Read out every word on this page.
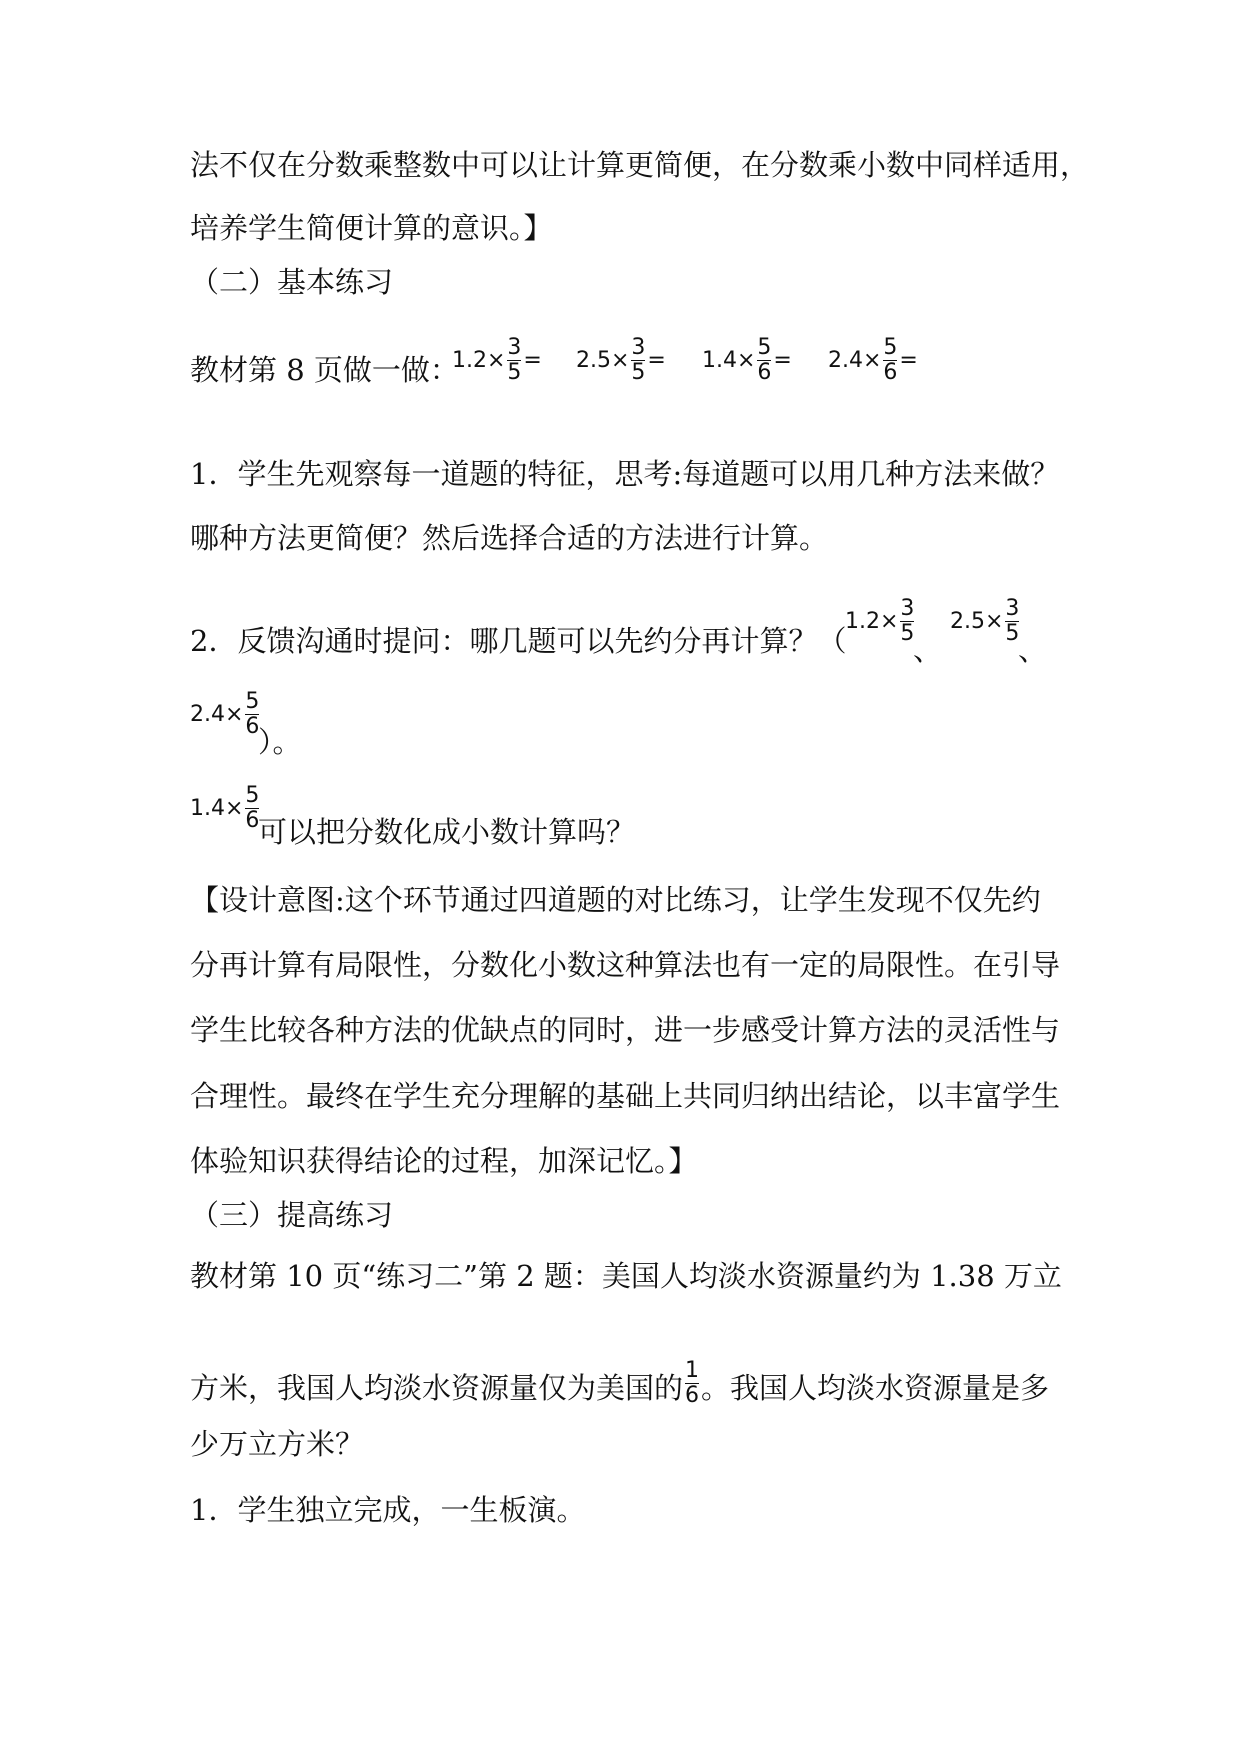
法不仅在分数乘整数中可以让计算更简便，在分数乘小数中同样适用，
培养学生简便计算的意识。】
（二）基本练习
教材第 8 页做一做：
$1.2\times \frac{3}{5} = 2.5\times \frac{3}{5} = 1.4\times \frac{5}{6} = 2.4\times \frac{5}{6}$ =
1．学生先观察每一道题的特征，思考:每道题可以用几种方法来做？
哪种方法更简便？然后选择合适的方法进行计算。
2．反馈沟通时提问：哪几题可以先约分再计算？（
$1.2\times \frac{3}{5}$
、
$2.5\times \frac{3}{5}$
、
$2.4\times \frac{5}{6}$
）。
$1.4\times \frac{5}{6}$
可以把分数化成小数计算吗？
【设计意图:这个环节通过四道题的对比练习，让学生发现不仅先约
分再计算有局限性，分数化小数这种算法也有一定的局限性。在引导
学生比较各种方法的优缺点的同时，进一步感受计算方法的灵活性与
合理性。最终在学生充分理解的基础上共同归纳出结论，以丰富学生
体验知识获得结论的过程，加深记忆。】
（三）提高练习
教材第 10 页“练习二”第 2 题：美国人均淡水资源量约为 1.38 万立
方米，我国人均淡水资源量仅为美国的 $\frac{1}{6}$ 。我国人均淡水资源量是多
少万立方米？
1．学生独立完成，一生板演。
